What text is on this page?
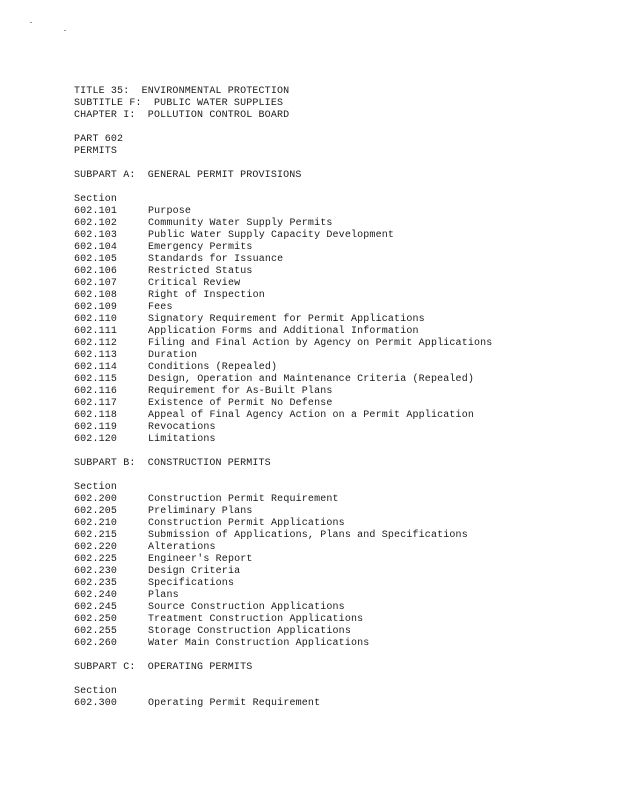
TITLE 35:  ENVIRONMENTAL PROTECTION
SUBTITLE F:  PUBLIC WATER SUPPLIES
CHAPTER I:  POLLUTION CONTROL BOARD
PART 602
PERMITS
SUBPART A:  GENERAL PERMIT PROVISIONS
Section
602.101	Purpose
602.102	Community Water Supply Permits
602.103	Public Water Supply Capacity Development
602.104	Emergency Permits
602.105	Standards for Issuance
602.106	Restricted Status
602.107	Critical Review
602.108	Right of Inspection
602.109	Fees
602.110	Signatory Requirement for Permit Applications
602.111	Application Forms and Additional Information
602.112	Filing and Final Action by Agency on Permit Applications
602.113	Duration
602.114	Conditions (Repealed)
602.115	Design, Operation and Maintenance Criteria (Repealed)
602.116	Requirement for As-Built Plans
602.117	Existence of Permit No Defense
602.118	Appeal of Final Agency Action on a Permit Application
602.119	Revocations
602.120	Limitations
SUBPART B:  CONSTRUCTION PERMITS
Section
602.200	Construction Permit Requirement
602.205	Preliminary Plans
602.210	Construction Permit Applications
602.215	Submission of Applications, Plans and Specifications
602.220	Alterations
602.225	Engineer's Report
602.230	Design Criteria
602.235	Specifications
602.240	Plans
602.245	Source Construction Applications
602.250	Treatment Construction Applications
602.255	Storage Construction Applications
602.260	Water Main Construction Applications
SUBPART C:  OPERATING PERMITS
Section
602.300	Operating Permit Requirement
